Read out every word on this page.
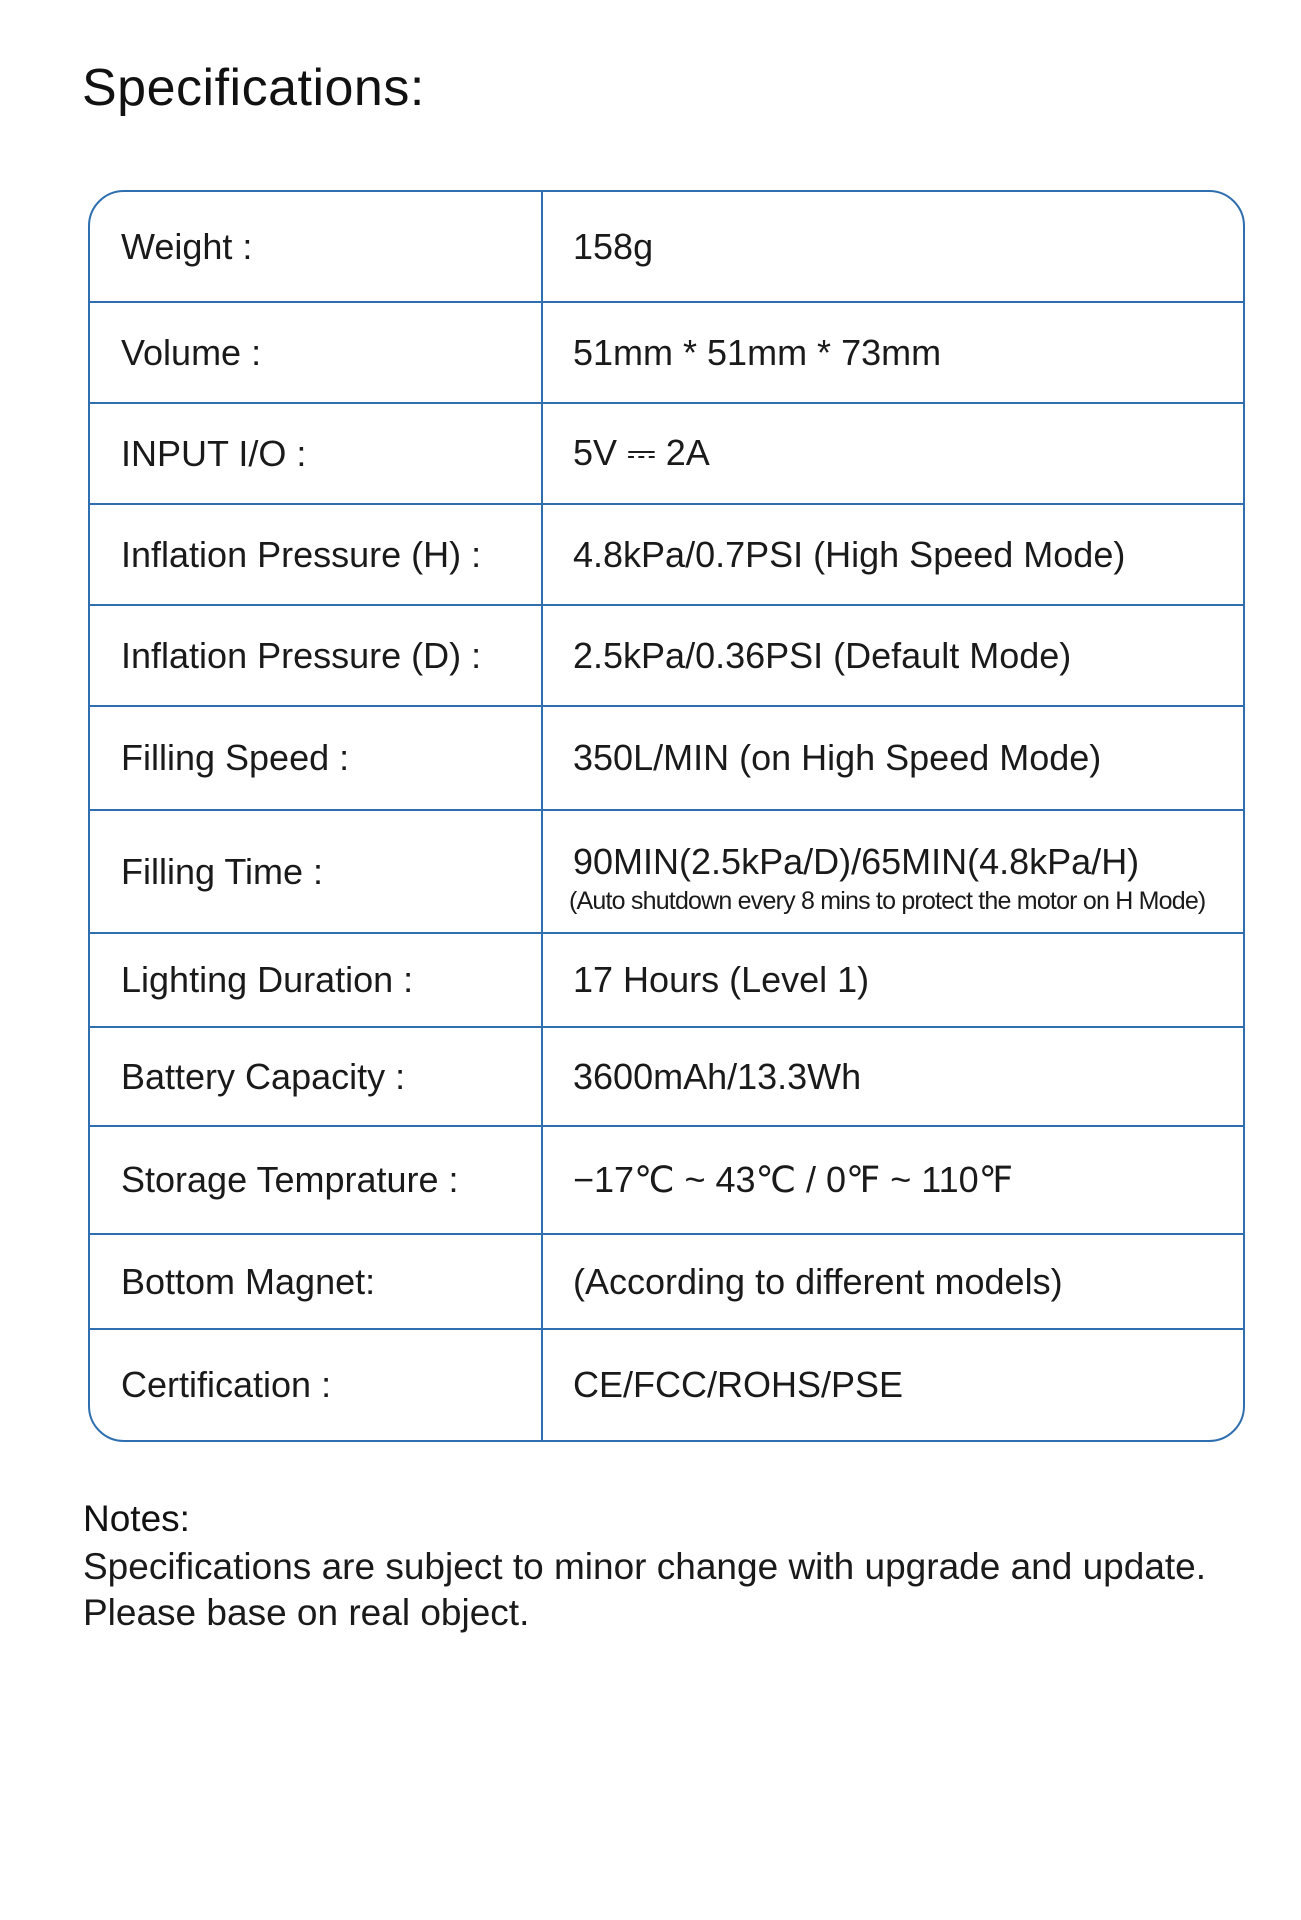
Specifications:
Weight :	158g
Volume :	51mm * 51mm * 73mm
INPUT I/O :	5V ⎓ 2A
Inflation Pressure (H) :	4.8kPa/0.7PSI (High Speed Mode)
Inflation Pressure (D) :	2.5kPa/0.36PSI (Default Mode)
Filling Speed :	350L/MIN (on High Speed Mode)
Filling Time :	90MIN(2.5kPa/D)/65MIN(4.8kPa/H)
(Auto shutdown every 8 mins to protect the motor on H Mode)
Lighting Duration :	17 Hours (Level 1)
Battery Capacity :	3600mAh/13.3Wh
Storage Temprature :	−17℃ ~ 43℃ / 0℉ ~ 110℉
Bottom Magnet:	(According to different models)
Certification :	CE/FCC/ROHS/PSE
Notes:

Specifications are subject to minor change with upgrade and update. Please base on real object.
